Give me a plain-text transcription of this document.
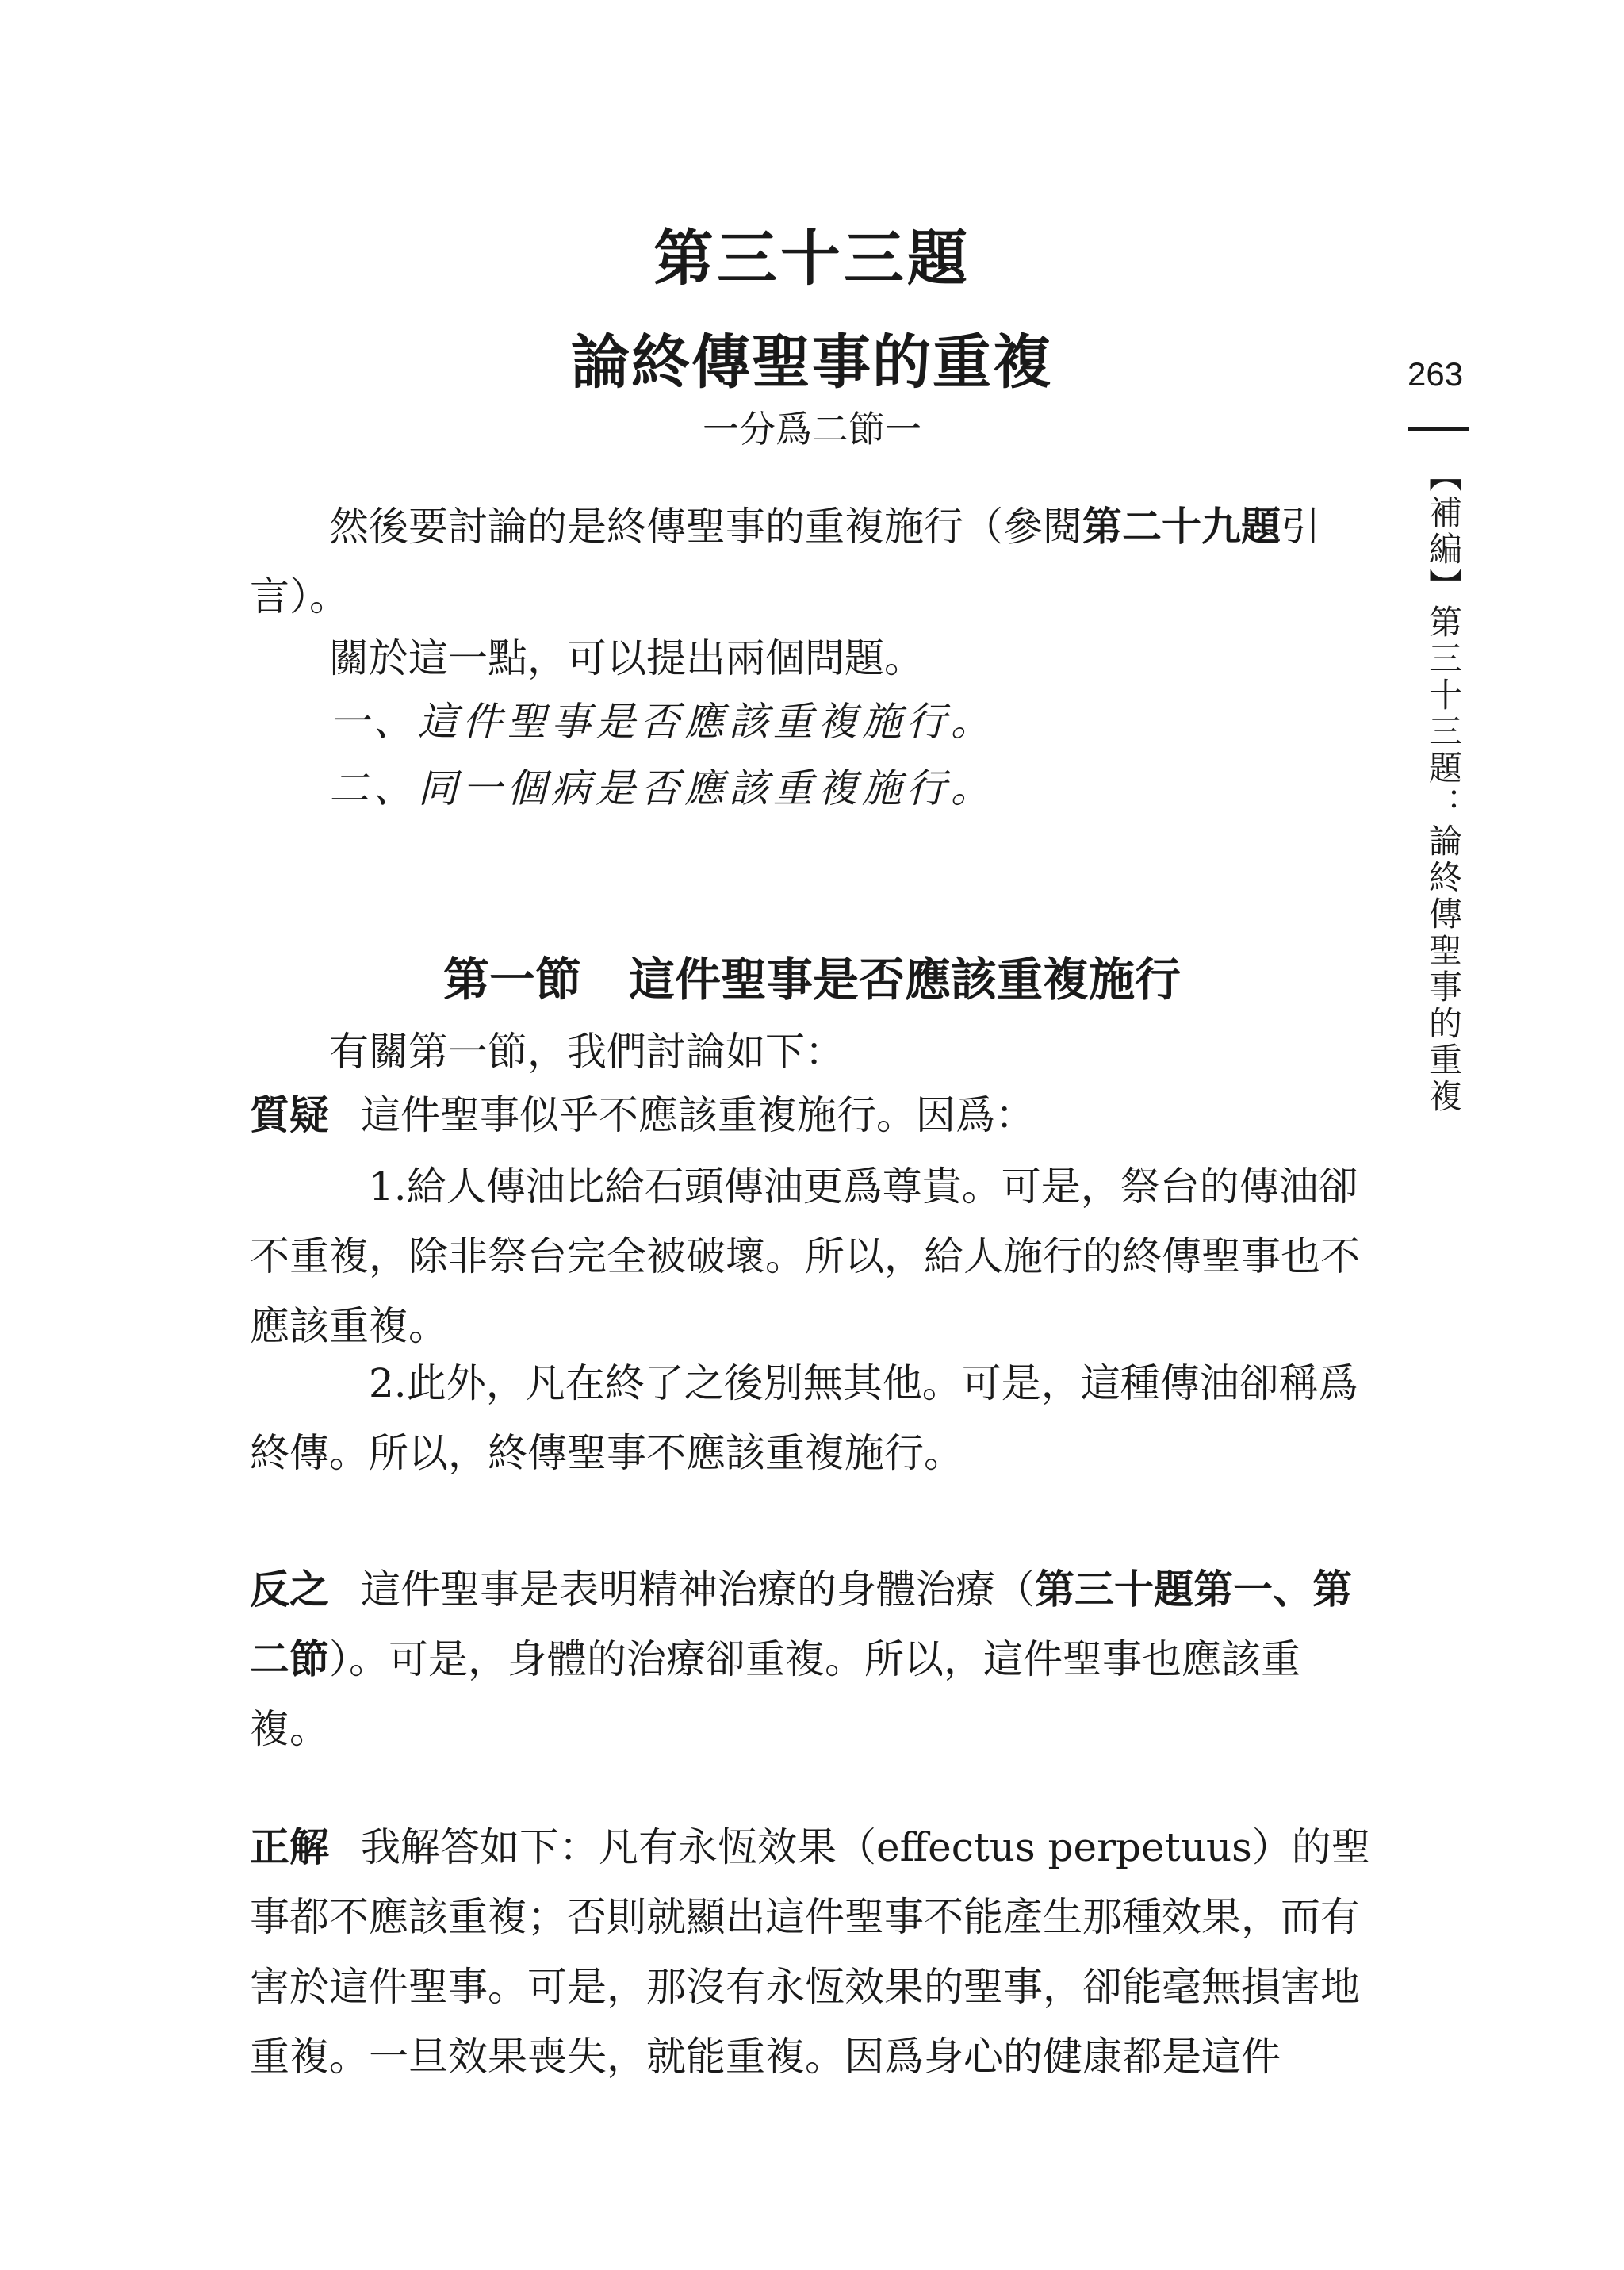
第三十三題
論終傳聖事的重複
一分爲二節一

然後要討論的是終傳聖事的重複施行（參閱第二十九題引言）。

關於這一點，可以提出兩個問題。

一、這件聖事是否應該重複施行。

二、同一個病是否應該重複施行。

第一節 這件聖事是否應該重複施行

有關第一節，我們討論如下：

質疑 這件聖事似乎不應該重複施行。因爲：

1.給人傳油比給石頭傳油更爲尊貴。可是，祭台的傳油卻不重複，除非祭台完全被破壞。所以，給人施行的終傳聖事也不應該重複。

2.此外，凡在終了之後別無其他。可是，這種傳油卻稱爲終傳。所以，終傳聖事不應該重複施行。

反之 這件聖事是表明精神治療的身體治療（第三十題第一、第二節）。可是，身體的治療卻重複。所以，這件聖事也應該重複。

正解 我解答如下：凡有永恆效果（effectus perpetuus）的聖事都不應該重複；否則就顯出這件聖事不能產生那種效果，而有害於這件聖事。可是，那沒有永恆效果的聖事，卻能毫無損害地重複。一旦效果喪失，就能重複。因爲身心的健康都是這件

263
【補編】第三十三題：論終傳聖事的重複
